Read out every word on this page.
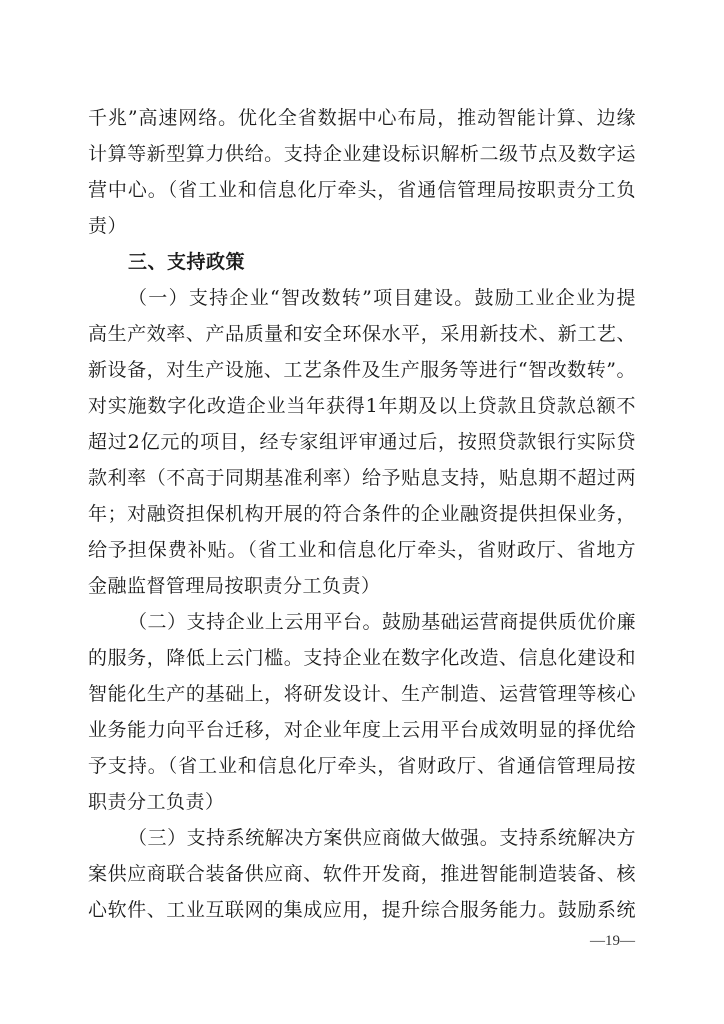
千兆”高速网络。优化全省数据中心布局，推动智能计算、边缘
计算等新型算力供给。支持企业建设标识解析二级节点及数字运
营中心。（省工业和信息化厅牵头，省通信管理局按职责分工负
责）
三、支持政策
（一）支持企业“智改数转”项目建设。鼓励工业企业为提
高生产效率、产品质量和安全环保水平，采用新技术、新工艺、
新设备，对生产设施、工艺条件及生产服务等进行“智改数转”。
对实施数字化改造企业当年获得1年期及以上贷款且贷款总额不
超过2亿元的项目，经专家组评审通过后，按照贷款银行实际贷
款利率（不高于同期基准利率）给予贴息支持，贴息期不超过两
年；对融资担保机构开展的符合条件的企业融资提供担保业务，
给予担保费补贴。（省工业和信息化厅牵头，省财政厅、省地方
金融监督管理局按职责分工负责）
（二）支持企业上云用平台。鼓励基础运营商提供质优价廉
的服务，降低上云门槛。支持企业在数字化改造、信息化建设和
智能化生产的基础上，将研发设计、生产制造、运营管理等核心
业务能力向平台迁移，对企业年度上云用平台成效明显的择优给
予支持。（省工业和信息化厅牵头，省财政厅、省通信管理局按
职责分工负责）
（三）支持系统解决方案供应商做大做强。支持系统解决方
案供应商联合装备供应商、软件开发商，推进智能制造装备、核
心软件、工业互联网的集成应用，提升综合服务能力。鼓励系统
—19—
